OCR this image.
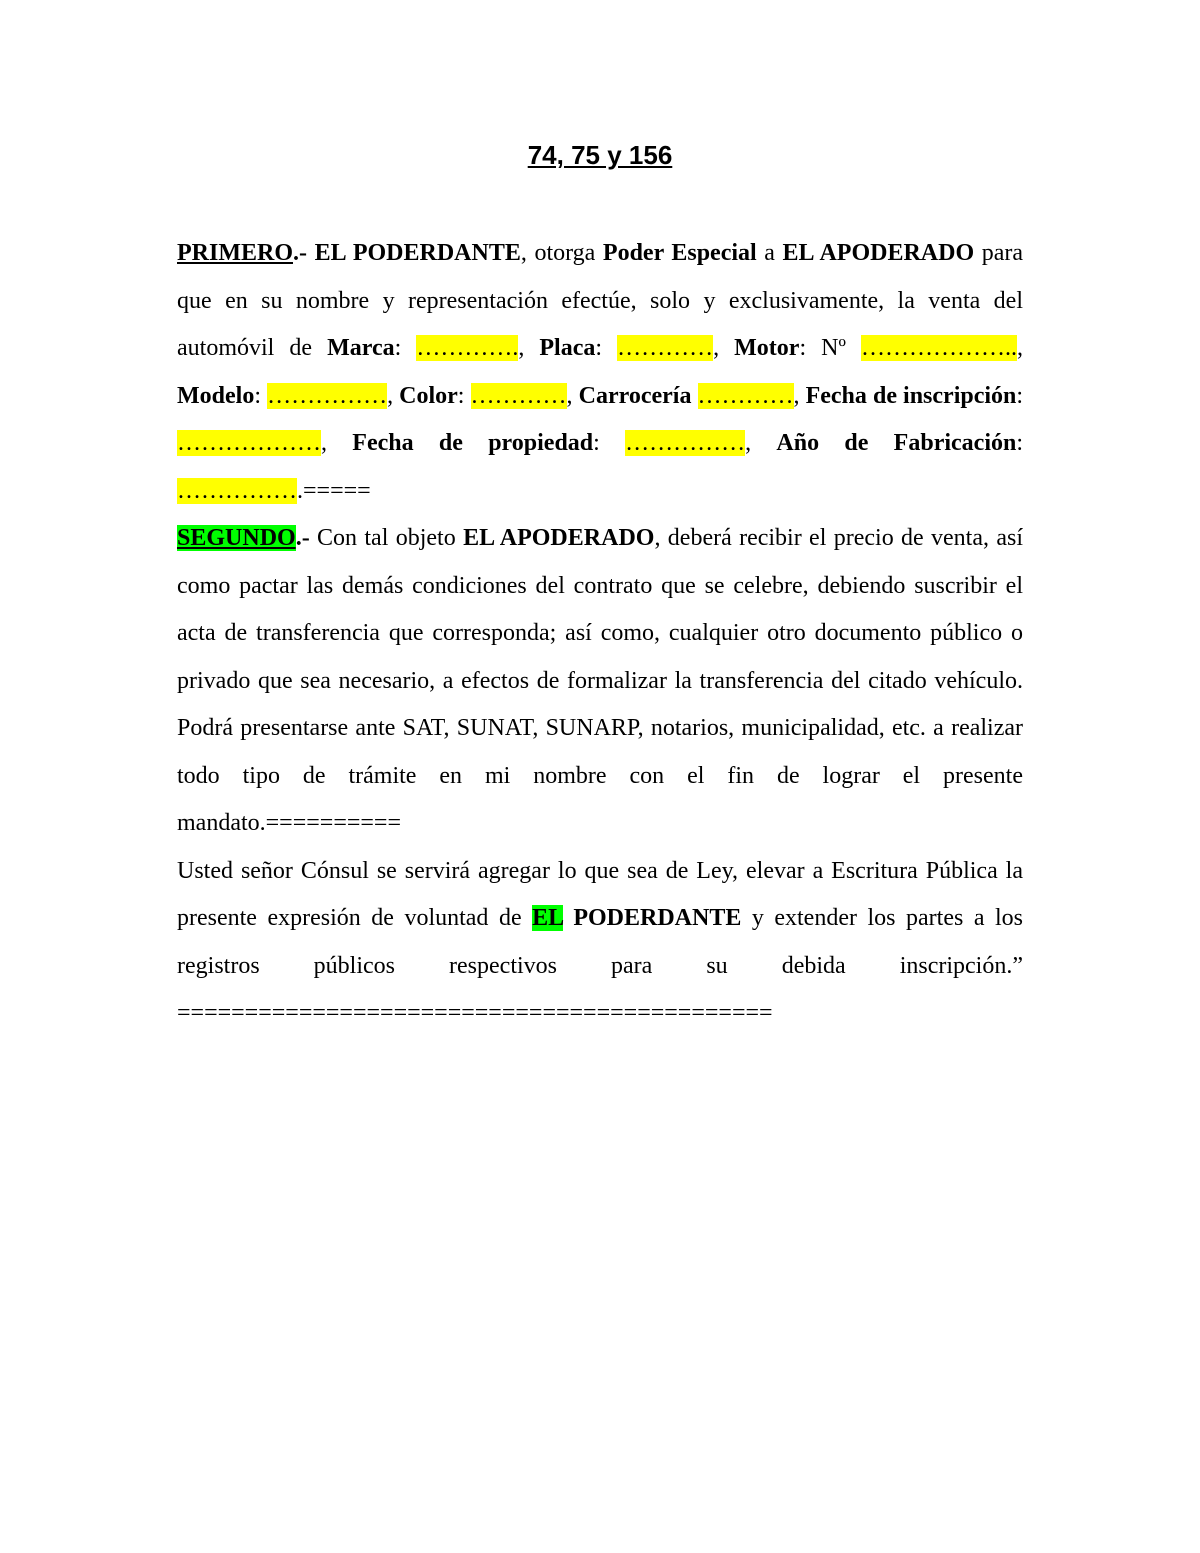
74, 75 y 156

PRIMERO.- EL PODERDANTE, otorga Poder Especial a EL APODERADO para que en su nombre y representación efectúe, solo y exclusivamente, la venta del automóvil de Marca: …………., Placa: …………, Motor: Nº ……………….., Modelo: ……………, Color: …………, Carrocería …………, Fecha de inscripción: ………………, Fecha de propiedad: ……………, Año de Fabricación: …………….=====

SEGUNDO.- Con tal objeto EL APODERADO, deberá recibir el precio de venta, así como pactar las demás condiciones del contrato que se celebre, debiendo suscribir el acta de transferencia que corresponda; así como, cualquier otro documento público o privado que sea necesario, a efectos de formalizar la transferencia del citado vehículo. Podrá presentarse ante SAT, SUNAT, SUNARP, notarios, municipalidad, etc. a realizar todo tipo de trámite en mi nombre con el fin de lograr el presente mandato.==========

Usted señor Cónsul se servirá agregar lo que sea de Ley, elevar a Escritura Pública la presente expresión de voluntad de EL PODERDANTE y extender los partes a los registros públicos respectivos para su debida inscripción.” ============================================
